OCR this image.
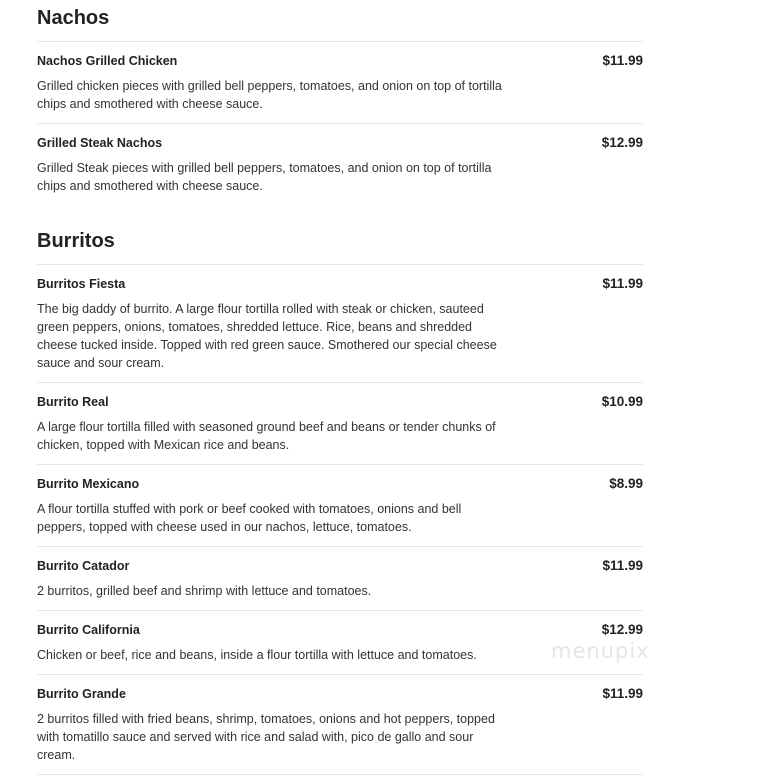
Nachos
Nachos Grilled Chicken	$11.99
Grilled chicken pieces with grilled bell peppers, tomatoes, and onion on top of tortilla chips and smothered with cheese sauce.
Grilled Steak Nachos	$12.99
Grilled Steak pieces with grilled bell peppers, tomatoes, and onion on top of tortilla chips and smothered with cheese sauce.
Burritos
Burritos Fiesta	$11.99
The big daddy of burrito. A large flour tortilla rolled with steak or chicken, sauteed green peppers, onions, tomatoes, shredded lettuce. Rice, beans and shredded cheese tucked inside. Topped with red green sauce. Smothered our special cheese sauce and sour cream.
Burrito Real	$10.99
A large flour tortilla filled with seasoned ground beef and beans or tender chunks of chicken, topped with Mexican rice and beans.
Burrito Mexicano	$8.99
A flour tortilla stuffed with pork or beef cooked with tomatoes, onions and bell peppers, topped with cheese used in our nachos, lettuce, tomatoes.
Burrito Catador	$11.99
2 burritos, grilled beef and shrimp with lettuce and tomatoes.
Burrito California	$12.99
Chicken or beef, rice and beans, inside a flour tortilla with lettuce and tomatoes.
Burrito Grande	$11.99
2 burritos filled with fried beans, shrimp, tomatoes, onions and hot peppers, topped with tomatillo sauce and served with rice and salad with, pico de gallo and sour cream.
menupix
